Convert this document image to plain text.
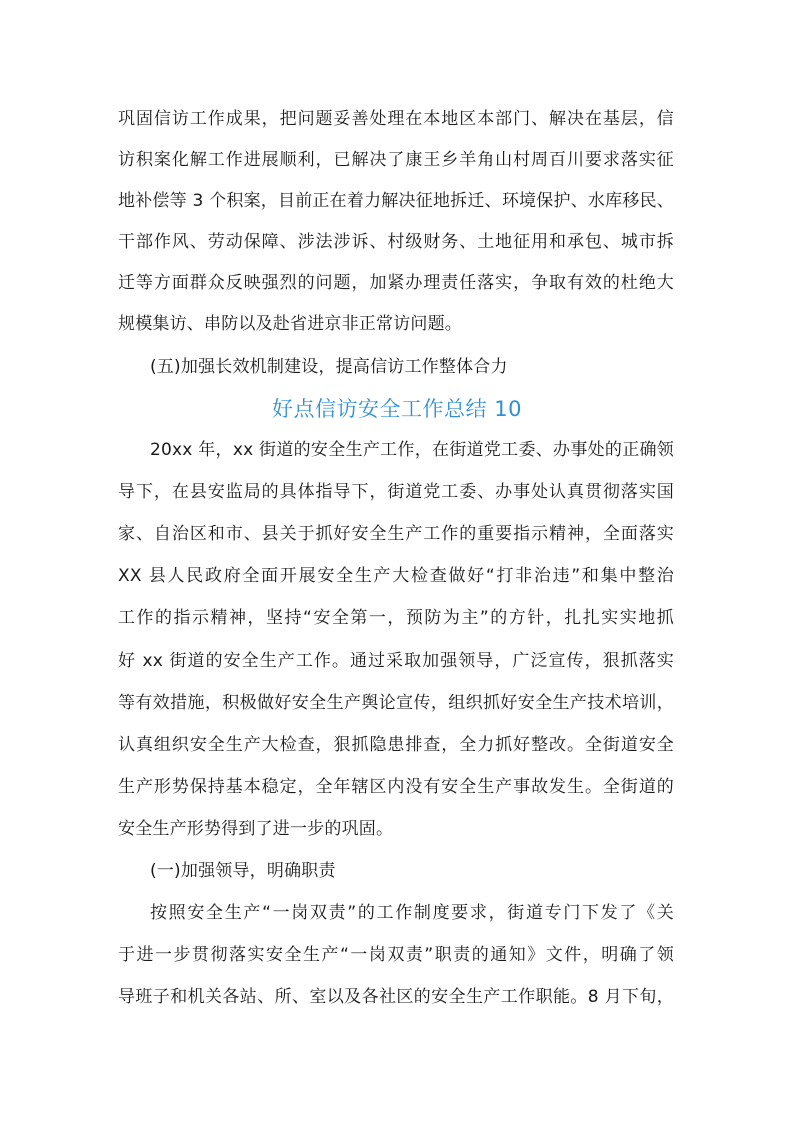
巩固信访工作成果，把问题妥善处理在本地区本部门、解决在基层，信
访积案化解工作进展顺利，已解决了康王乡羊角山村周百川要求落实征
地补偿等 3 个积案，目前正在着力解决征地拆迁、环境保护、水库移民、
干部作风、劳动保障、涉法涉诉、村级财务、土地征用和承包、城市拆
迁等方面群众反映强烈的问题，加紧办理责任落实，争取有效的杜绝大
规模集访、串防以及赴省进京非正常访问题。
(五)加强长效机制建设，提高信访工作整体合力
好点信访安全工作总结 10
20xx 年，xx 街道的安全生产工作，在街道党工委、办事处的正确领
导下，在县安监局的具体指导下，街道党工委、办事处认真贯彻落实国
家、自治区和市、县关于抓好安全生产工作的重要指示精神，全面落实
XX 县人民政府全面开展安全生产大检查做好“打非治违”和集中整治
工作的指示精神，坚持“安全第一，预防为主”的方针，扎扎实实地抓
好 xx 街道的安全生产工作。通过采取加强领导，广泛宣传，狠抓落实
等有效措施，积极做好安全生产舆论宣传，组织抓好安全生产技术培训，
认真组织安全生产大检查，狠抓隐患排查，全力抓好整改。全街道安全
生产形势保持基本稳定，全年辖区内没有安全生产事故发生。全街道的
安全生产形势得到了进一步的巩固。
(一)加强领导，明确职责
按照安全生产“一岗双责”的工作制度要求，街道专门下发了《关
于进一步贯彻落实安全生产“一岗双责”职责的通知》文件，明确了领
导班子和机关各站、所、室以及各社区的安全生产工作职能。8 月下旬，
